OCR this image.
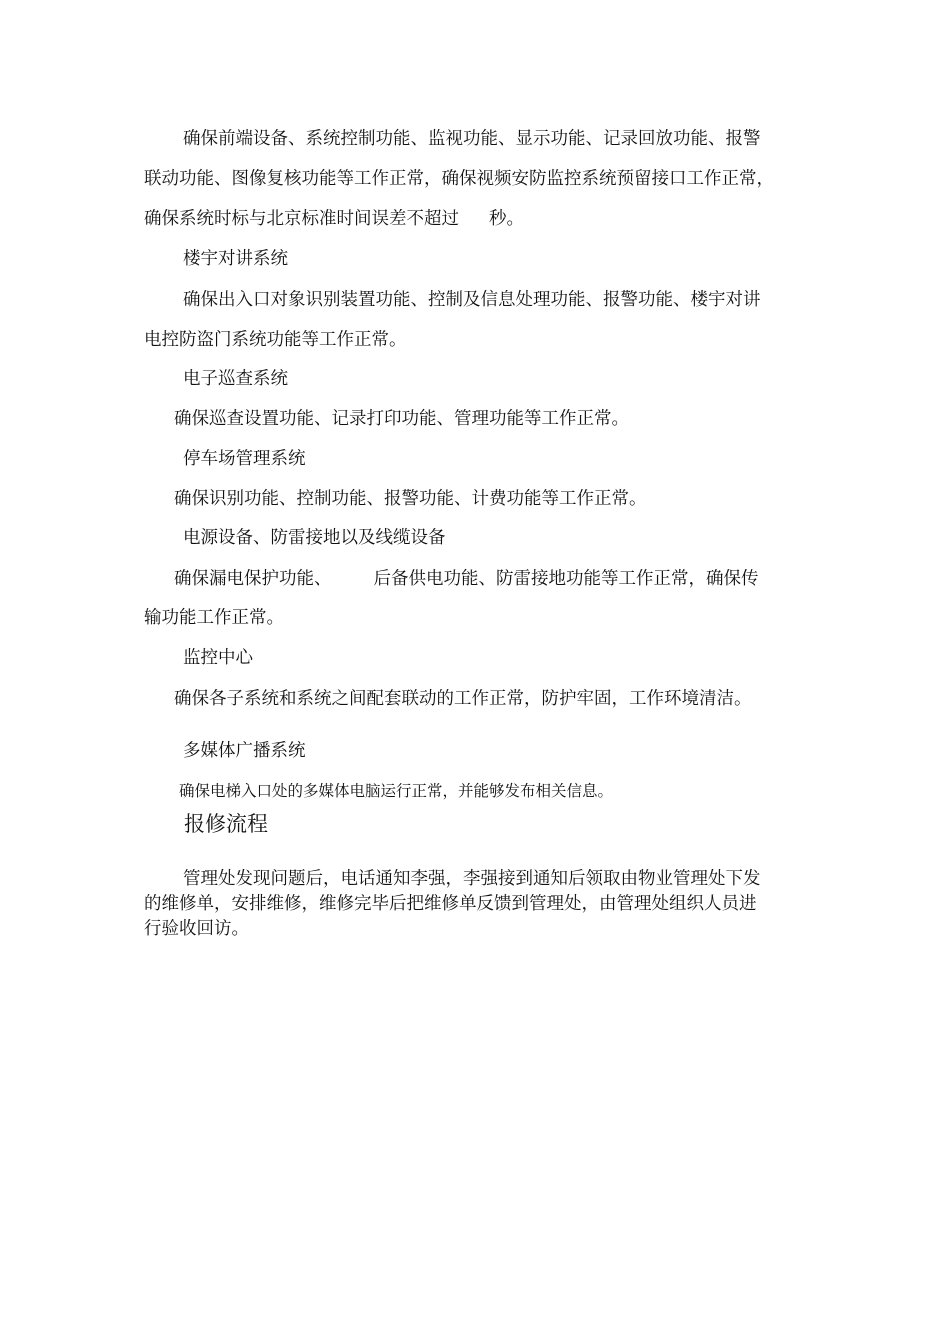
确保前端设备、系统控制功能、监视功能、显示功能、记录回放功能、报警

联动功能、图像复核功能等工作正常，确保视频安防监控系统预留接口工作正常，

确保系统时标与北京标准时间误差不超过 秒。

楼宇对讲系统

确保出入口对象识别装置功能、控制及信息处理功能、报警功能、楼宇对讲

电控防盗门系统功能等工作正常。

电子巡查系统

确保巡查设置功能、记录打印功能、管理功能等工作正常。

停车场管理系统

确保识别功能、控制功能、报警功能、计费功能等工作正常。

电源设备、防雷接地以及线缆设备

确保漏电保护功能、 后备供电功能、防雷接地功能等工作正常，确保传

输功能工作正常。

监控中心

确保各子系统和系统之间配套联动的工作正常，防护牢固，工作环境清洁。

多媒体广播系统

确保电梯入口处的多媒体电脑运行正常，并能够发布相关信息。

报修流程

管理处发现问题后，电话通知李强，李强接到通知后领取由物业管理处下发

的维修单，安排维修，维修完毕后把维修单反馈到管理处，由管理处组织人员进

行验收回访。
